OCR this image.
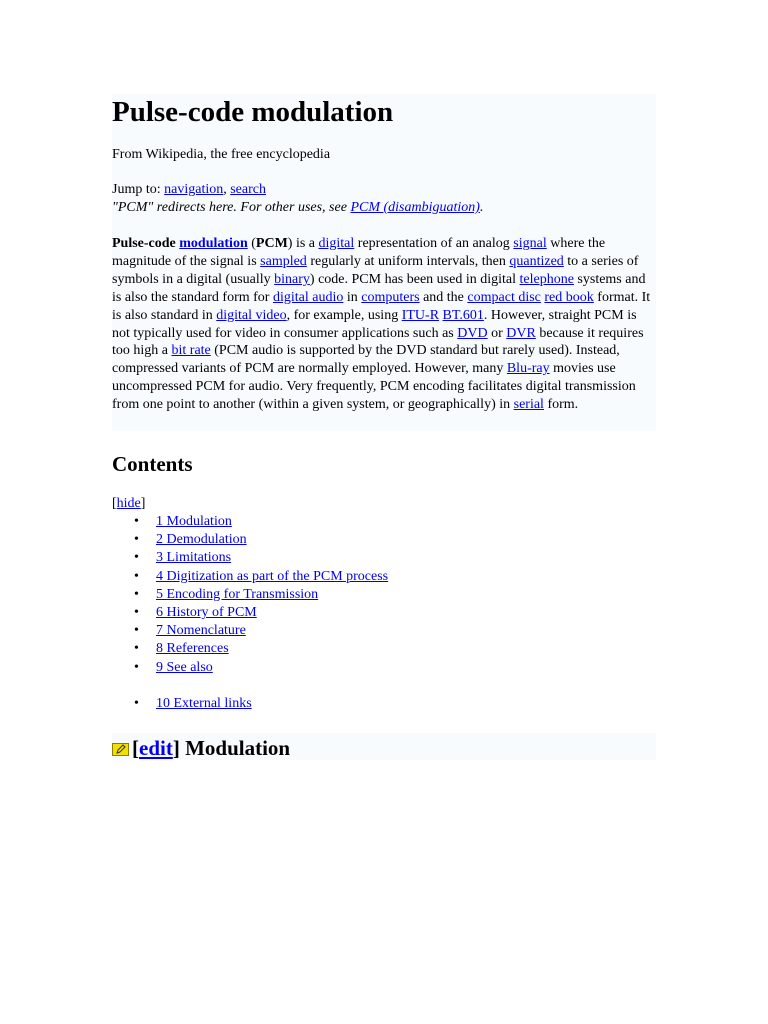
Pulse-code modulation
From Wikipedia, the free encyclopedia
Jump to: navigation, search
"PCM" redirects here. For other uses, see PCM (disambiguation).

Pulse-code modulation (PCM) is a digital representation of an analog signal where the magnitude of the signal is sampled regularly at uniform intervals, then quantized to a series of symbols in a digital (usually binary) code. PCM has been used in digital telephone systems and is also the standard form for digital audio in computers and the compact disc red book format. It is also standard in digital video, for example, using ITU-R BT.601. However, straight PCM is not typically used for video in consumer applications such as DVD or DVR because it requires too high a bit rate (PCM audio is supported by the DVD standard but rarely used). Instead, compressed variants of PCM are normally employed. However, many Blu-ray movies use uncompressed PCM for audio. Very frequently, PCM encoding facilitates digital transmission from one point to another (within a given system, or geographically) in serial form.

Contents
[hide]
• 1 Modulation
• 2 Demodulation
• 3 Limitations
• 4 Digitization as part of the PCM process
• 5 Encoding for Transmission
• 6 History of PCM
• 7 Nomenclature
• 8 References
• 9 See also
• 10 External links
[edit] Modulation
